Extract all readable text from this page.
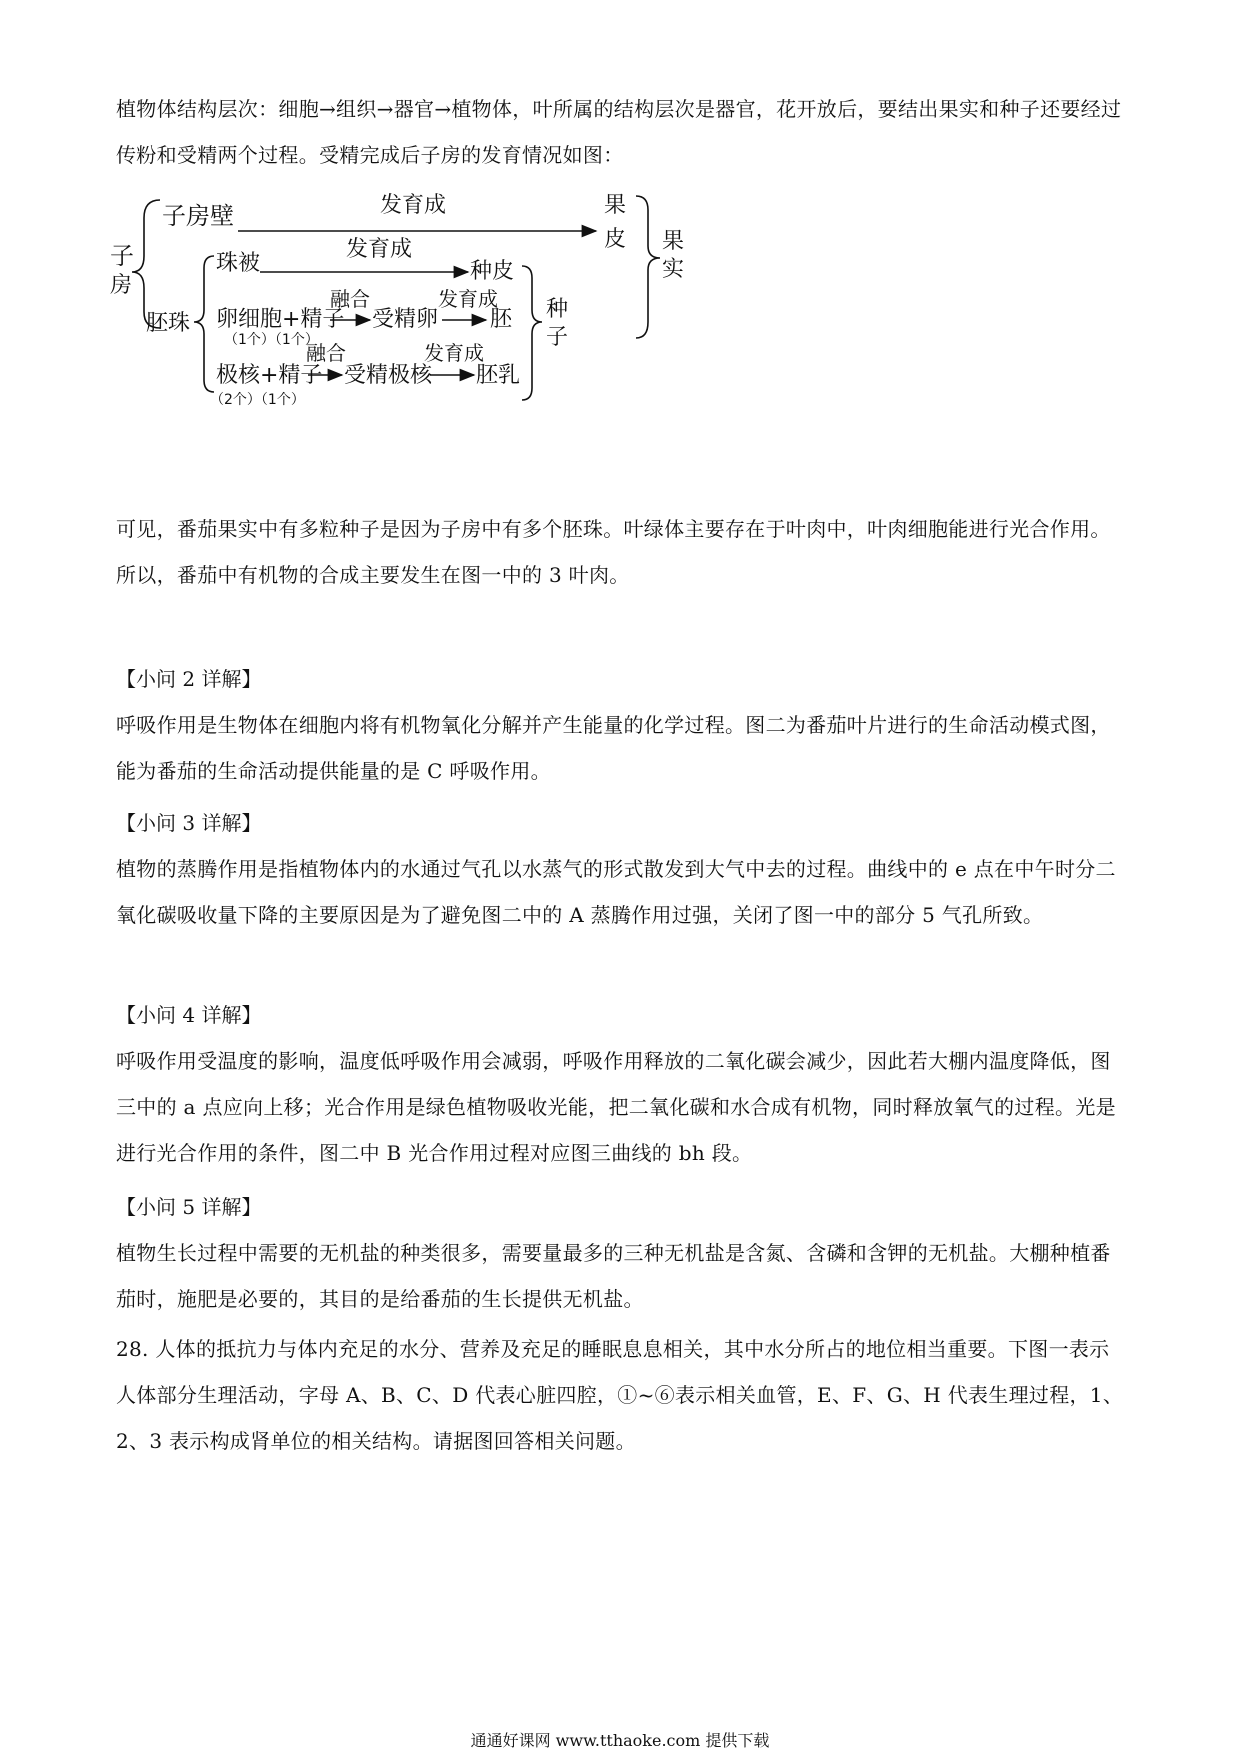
植物体结构层次：细胞→组织→器官→植物体，叶所属的结构层次是器官，花开放后，要结出果实和种子还要经过传粉和受精两个过程。受精完成后子房的发育情况如图：

子
房
子房壁	发育成	果
皮 果
实
胚珠
珠被
发育成
种皮
种
子
卵细胞+精子
（1个）（1个）
融合
受精卵
发育成
胚
极核+精子
（2个）（1个）
融合
受精极核
发育成
胚乳

可见，番茄果实中有多粒种子是因为子房中有多个胚珠。叶绿体主要存在于叶肉中，叶肉细胞能进行光合作用。所以，番茄中有机物的合成主要发生在图一中的 3 叶肉。

【小问 2 详解】

呼吸作用是生物体在细胞内将有机物氧化分解并产生能量的化学过程。图二为番茄叶片进行的生命活动模式图，能为番茄的生命活动提供能量的是 C 呼吸作用。

【小问 3 详解】

植物的蒸腾作用是指植物体内的水通过气孔以水蒸气的形式散发到大气中去的过程。曲线中的 e 点在中午时分二氧化碳吸收量下降的主要原因是为了避免图二中的 A 蒸腾作用过强，关闭了图一中的部分 5 气孔所致。

【小问 4 详解】

呼吸作用受温度的影响，温度低呼吸作用会减弱，呼吸作用释放的二氧化碳会减少，因此若大棚内温度降低，图三中的 a 点应向上移；光合作用是绿色植物吸收光能，把二氧化碳和水合成有机物，同时释放氧气的过程。光是进行光合作用的条件，图二中 B 光合作用过程对应图三曲线的 bh 段。

【小问 5 详解】

植物生长过程中需要的无机盐的种类很多，需要量最多的三种无机盐是含氮、含磷和含钾的无机盐。大棚种植番茄时，施肥是必要的，其目的是给番茄的生长提供无机盐。

28. 人体的抵抗力与体内充足的水分、营养及充足的睡眠息息相关，其中水分所占的地位相当重要。下图一表示人体部分生理活动，字母 A、B、C、D 代表心脏四腔，①~⑥表示相关血管，E、F、G、H 代表生理过程，1、2、3 表示构成肾单位的相关结构。请据图回答相关问题。

通通好课网 www.tthaoke.com 提供下载
